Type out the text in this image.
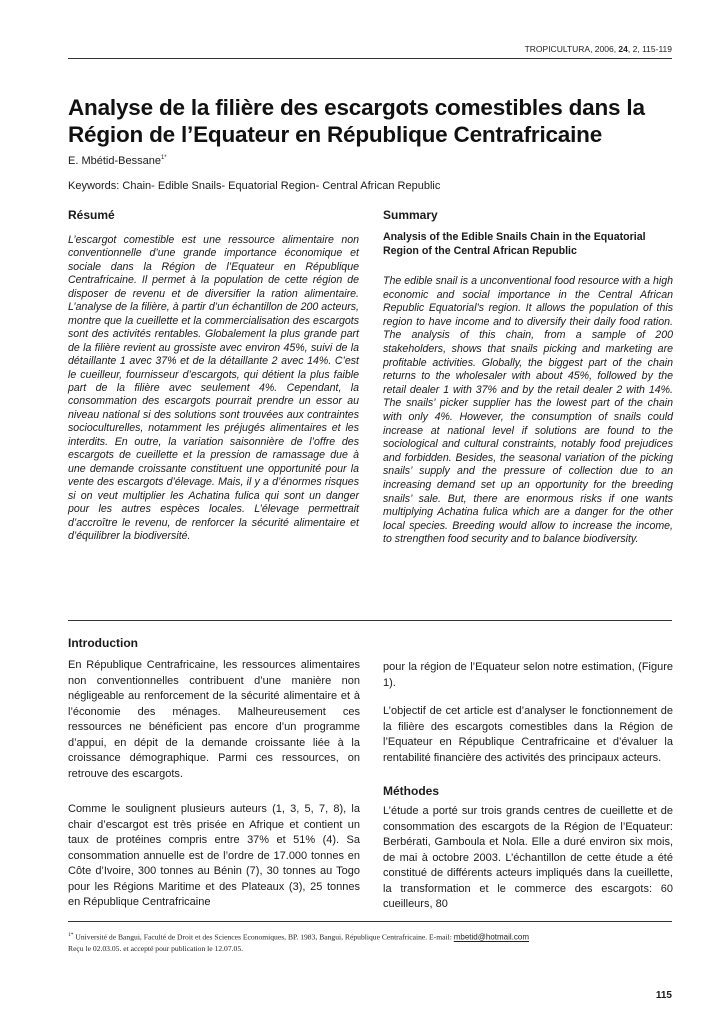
TROPICULTURA, 2006, 24, 2, 115-119
Analyse de la filière des escargots comestibles dans la Région de l’Equateur en République Centrafricaine
E. Mbétid-Bessane$^{1*}$
Keywords: Chain- Edible Snails- Equatorial Region- Central African Republic
Résumé

L’escargot comestible est une ressource alimentaire non conventionnelle d’une grande importance économique et sociale dans la Région de l’Equateur en République Centrafricaine. Il permet à la population de cette région de disposer de revenu et de diversifier la ration alimentaire. L’analyse de la filière, à partir d’un échantillon de 200 acteurs, montre que la cueillette et la commercialisation des escargots sont des activités rentables. Globalement la plus grande part de la filière revient au grossiste avec environ 45%, suivi de la détaillante 1 avec 37% et de la détaillante 2 avec 14%. C’est le cueilleur, fournisseur d’escargots, qui détient la plus faible part de la filière avec seulement 4%. Cependant, la consommation des escargots pourrait prendre un essor au niveau national si des solutions sont trouvées aux contraintes socioculturelles, notamment les préjugés alimentaires et les interdits. En outre, la variation saisonnière de l’offre des escargots de cueillette et la pression de ramassage due à une demande croissante constituent une opportunité pour la vente des escargots d’élevage. Mais, il y a d’énormes risques si on veut multiplier les Achatina fulica qui sont un danger pour les autres espèces locales. L’élevage permettrait d’accroître le revenu, de renforcer la sécurité alimentaire et d’équilibrer la biodiversité.

Summary

Analysis of the Edible Snails Chain in the Equatorial Region of the Central African Republic

The edible snail is a unconventional food resource with a high economic and social importance in the Central African Republic Equatorial’s region. It allows the population of this region to have income and to diversify their daily food ration. The analysis of this chain, from a sample of 200 stakeholders, shows that snails picking and marketing are profitable activities. Globally, the biggest part of the chain returns to the wholesaler with about 45%, followed by the retail dealer 1 with 37% and by the retail dealer 2 with 14%. The snails’ picker supplier has the lowest part of the chain with only 4%. However, the consumption of snails could increase at national level if solutions are found to the sociological and cultural constraints, notably food prejudices and forbidden. Besides, the seasonal variation of the picking snails’ supply and the pressure of collection due to an increasing demand set up an opportunity for the breeding snails’ sale. But, there are enormous risks if one wants multiplying Achatina fulica which are a danger for the other local species. Breeding would allow to increase the income, to strengthen food security and to balance biodiversity.

Introduction

En République Centrafricaine, les ressources alimentaires non conventionnelles contribuent d’une manière non négligeable au renforcement de la sécurité alimentaire et à l’économie des ménages. Malheureusement ces ressources ne bénéficient pas encore d’un programme d’appui, en dépit de la demande croissante liée à la croissance démographique. Parmi ces ressources, on retrouve des escargots.

Comme le soulignent plusieurs auteurs (1, 3, 5, 7, 8), la chair d’escargot est très prisée en Afrique et contient un taux de protéines compris entre 37% et 51% (4). Sa consommation annuelle est de l’ordre de 17.000 tonnes en Côte d’Ivoire, 300 tonnes au Bénin (7), 30 tonnes au Togo pour les Régions Maritime et des Plateaux (3), 25 tonnes en République Centrafricaine

pour la région de l’Equateur selon notre estimation, (Figure 1).

L’objectif de cet article est d’analyser le fonctionnement de la filière des escargots comestibles dans la Région de l’Equateur en République Centrafricaine et d’évaluer la rentabilité financière des activités des principaux acteurs.

Méthodes

L’étude a porté sur trois grands centres de cueillette et de consommation des escargots de la Région de l’Equateur: Berbérati, Gamboula et Nola. Elle a duré environ six mois, de mai à octobre 2003. L’échantillon de cette étude a été constitué de différents acteurs impliqués dans la cueillette, la transformation et le commerce des escargots: 60 cueilleurs, 80

$^{1*}$ Université de Bangui, Faculté de Droit et des Sciences Economiques, BP. 1983, Bangui, République Centrafricaine. E-mail: mbetid@hotmail.com
Reçu le 02.03.05. et accepté pour publication le 12.07.05.
115
